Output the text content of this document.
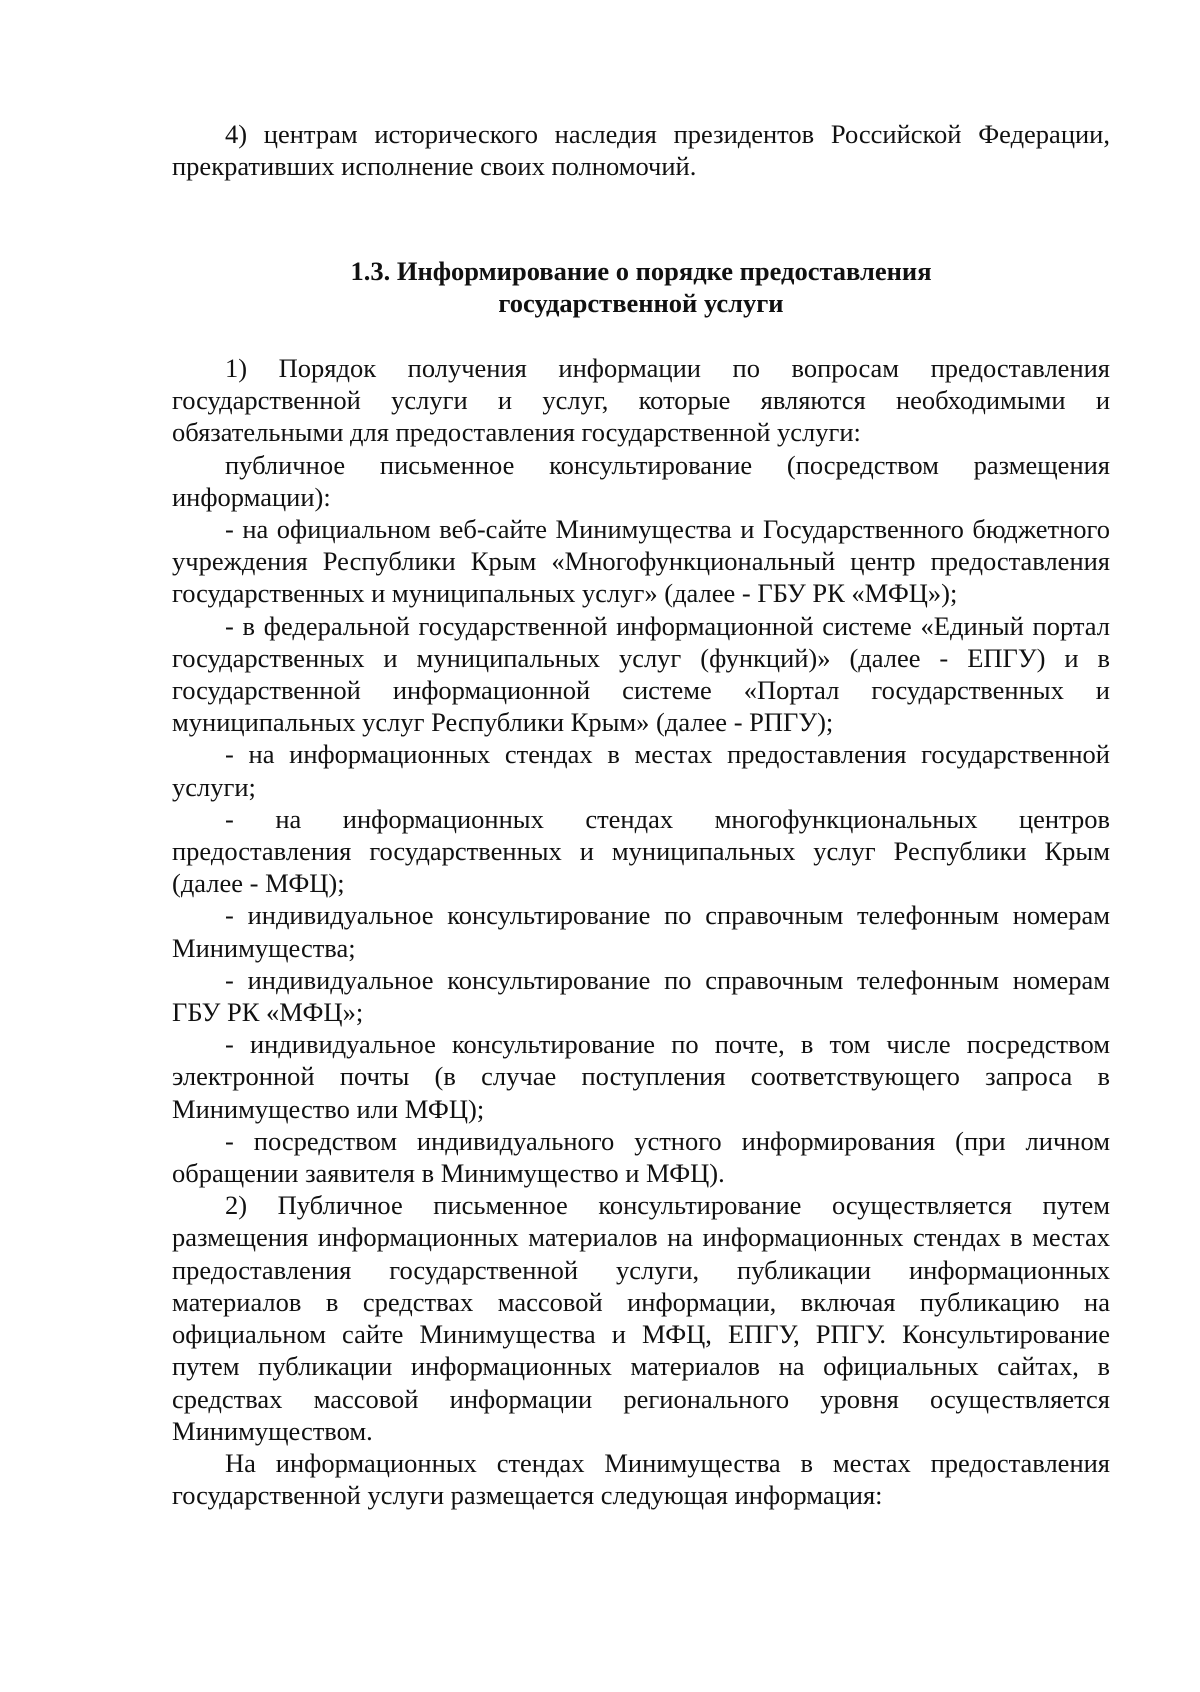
4) центрам исторического наследия президентов Российской Федерации, прекративших исполнение своих полномочий.

1.3. Информирование о порядке предоставления
государственной услуги

1) Порядок получения информации по вопросам предоставления государственной услуги и услуг, которые являются необходимыми и обязательными для предоставления государственной услуги:

публичное письменное консультирование (посредством размещения информации):

- на официальном веб-сайте Минимущества и Государственного бюджетного учреждения Республики Крым «Многофункциональный центр предоставления государственных и муниципальных услуг» (далее - ГБУ РК «МФЦ»);

- в федеральной государственной информационной системе «Единый портал государственных и муниципальных услуг (функций)» (далее - ЕПГУ) и в государственной информационной системе «Портал государственных и муниципальных услуг Республики Крым» (далее - РПГУ);

- на информационных стендах в местах предоставления государственной услуги;

- на информационных стендах многофункциональных центров предоставления государственных и муниципальных услуг Республики Крым (далее - МФЦ);

- индивидуальное консультирование по справочным телефонным номерам Минимущества;

- индивидуальное консультирование по справочным телефонным номерам ГБУ РК «МФЦ»;

- индивидуальное консультирование по почте, в том числе посредством электронной почты (в случае поступления соответствующего запроса в Минимущество или МФЦ);

- посредством индивидуального устного информирования (при личном обращении заявителя в Минимущество и МФЦ).

2) Публичное письменное консультирование осуществляется путем размещения информационных материалов на информационных стендах в местах предоставления государственной услуги, публикации информационных материалов в средствах массовой информации, включая публикацию на официальном сайте Минимущества и МФЦ, ЕПГУ, РПГУ. Консультирование путем публикации информационных материалов на официальных сайтах, в средствах массовой информации регионального уровня осуществляется Минимуществом.

На информационных стендах Минимущества в местах предоставления государственной услуги размещается следующая информация:
